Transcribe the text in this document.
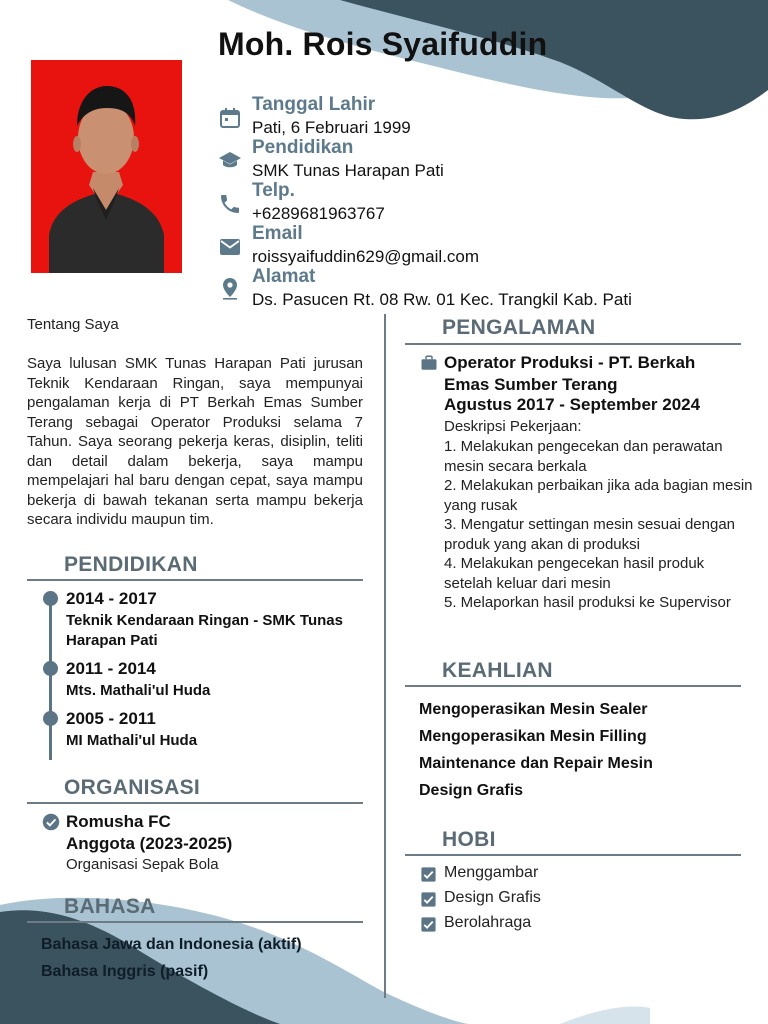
Moh. Rois Syaifuddin
Tanggal Lahir
Pati, 6 Februari 1999
Pendidikan
SMK Tunas Harapan Pati
Telp.
+6289681963767
Email
roissyaifuddin629@gmail.com
Alamat
Ds. Pasucen Rt. 08 Rw. 01 Kec. Trangkil Kab. Pati
Tentang Saya
Saya lulusan SMK Tunas Harapan Pati jurusan Teknik Kendaraan Ringan, saya mempunyai pengalaman kerja di PT Berkah Emas Sumber Terang sebagai Operator Produksi selama 7 Tahun. Saya seorang pekerja keras, disiplin, teliti dan detail dalam bekerja, saya mampu mempelajari hal baru dengan cepat, saya mampu bekerja di bawah tekanan serta mampu bekerja secara individu maupun tim.
PENDIDIKAN
2014 - 2017
Teknik Kendaraan Ringan - SMK Tunas Harapan Pati
2011 - 2014
Mts. Mathali'ul Huda
2005 - 2011
MI Mathali'ul Huda
ORGANISASI
Romusha FC
Anggota (2023-2025)
Organisasi Sepak Bola
BAHASA
Bahasa Jawa dan Indonesia (aktif)
Bahasa Inggris (pasif)
PENGALAMAN
Operator Produksi - PT. Berkah Emas Sumber Terang
Agustus 2017 - September 2024
Deskripsi Pekerjaan:
1. Melakukan pengecekan dan perawatan mesin secara berkala
2. Melakukan perbaikan jika ada bagian mesin yang rusak
3. Mengatur settingan mesin sesuai dengan produk yang akan di produksi
4. Melakukan pengecekan hasil produk setelah keluar dari mesin
5. Melaporkan hasil produksi ke Supervisor
KEAHLIAN
Mengoperasikan Mesin Sealer
Mengoperasikan Mesin Filling
Maintenance dan Repair Mesin
Design Grafis
HOBI
Menggambar
Design Grafis
Berolahraga
